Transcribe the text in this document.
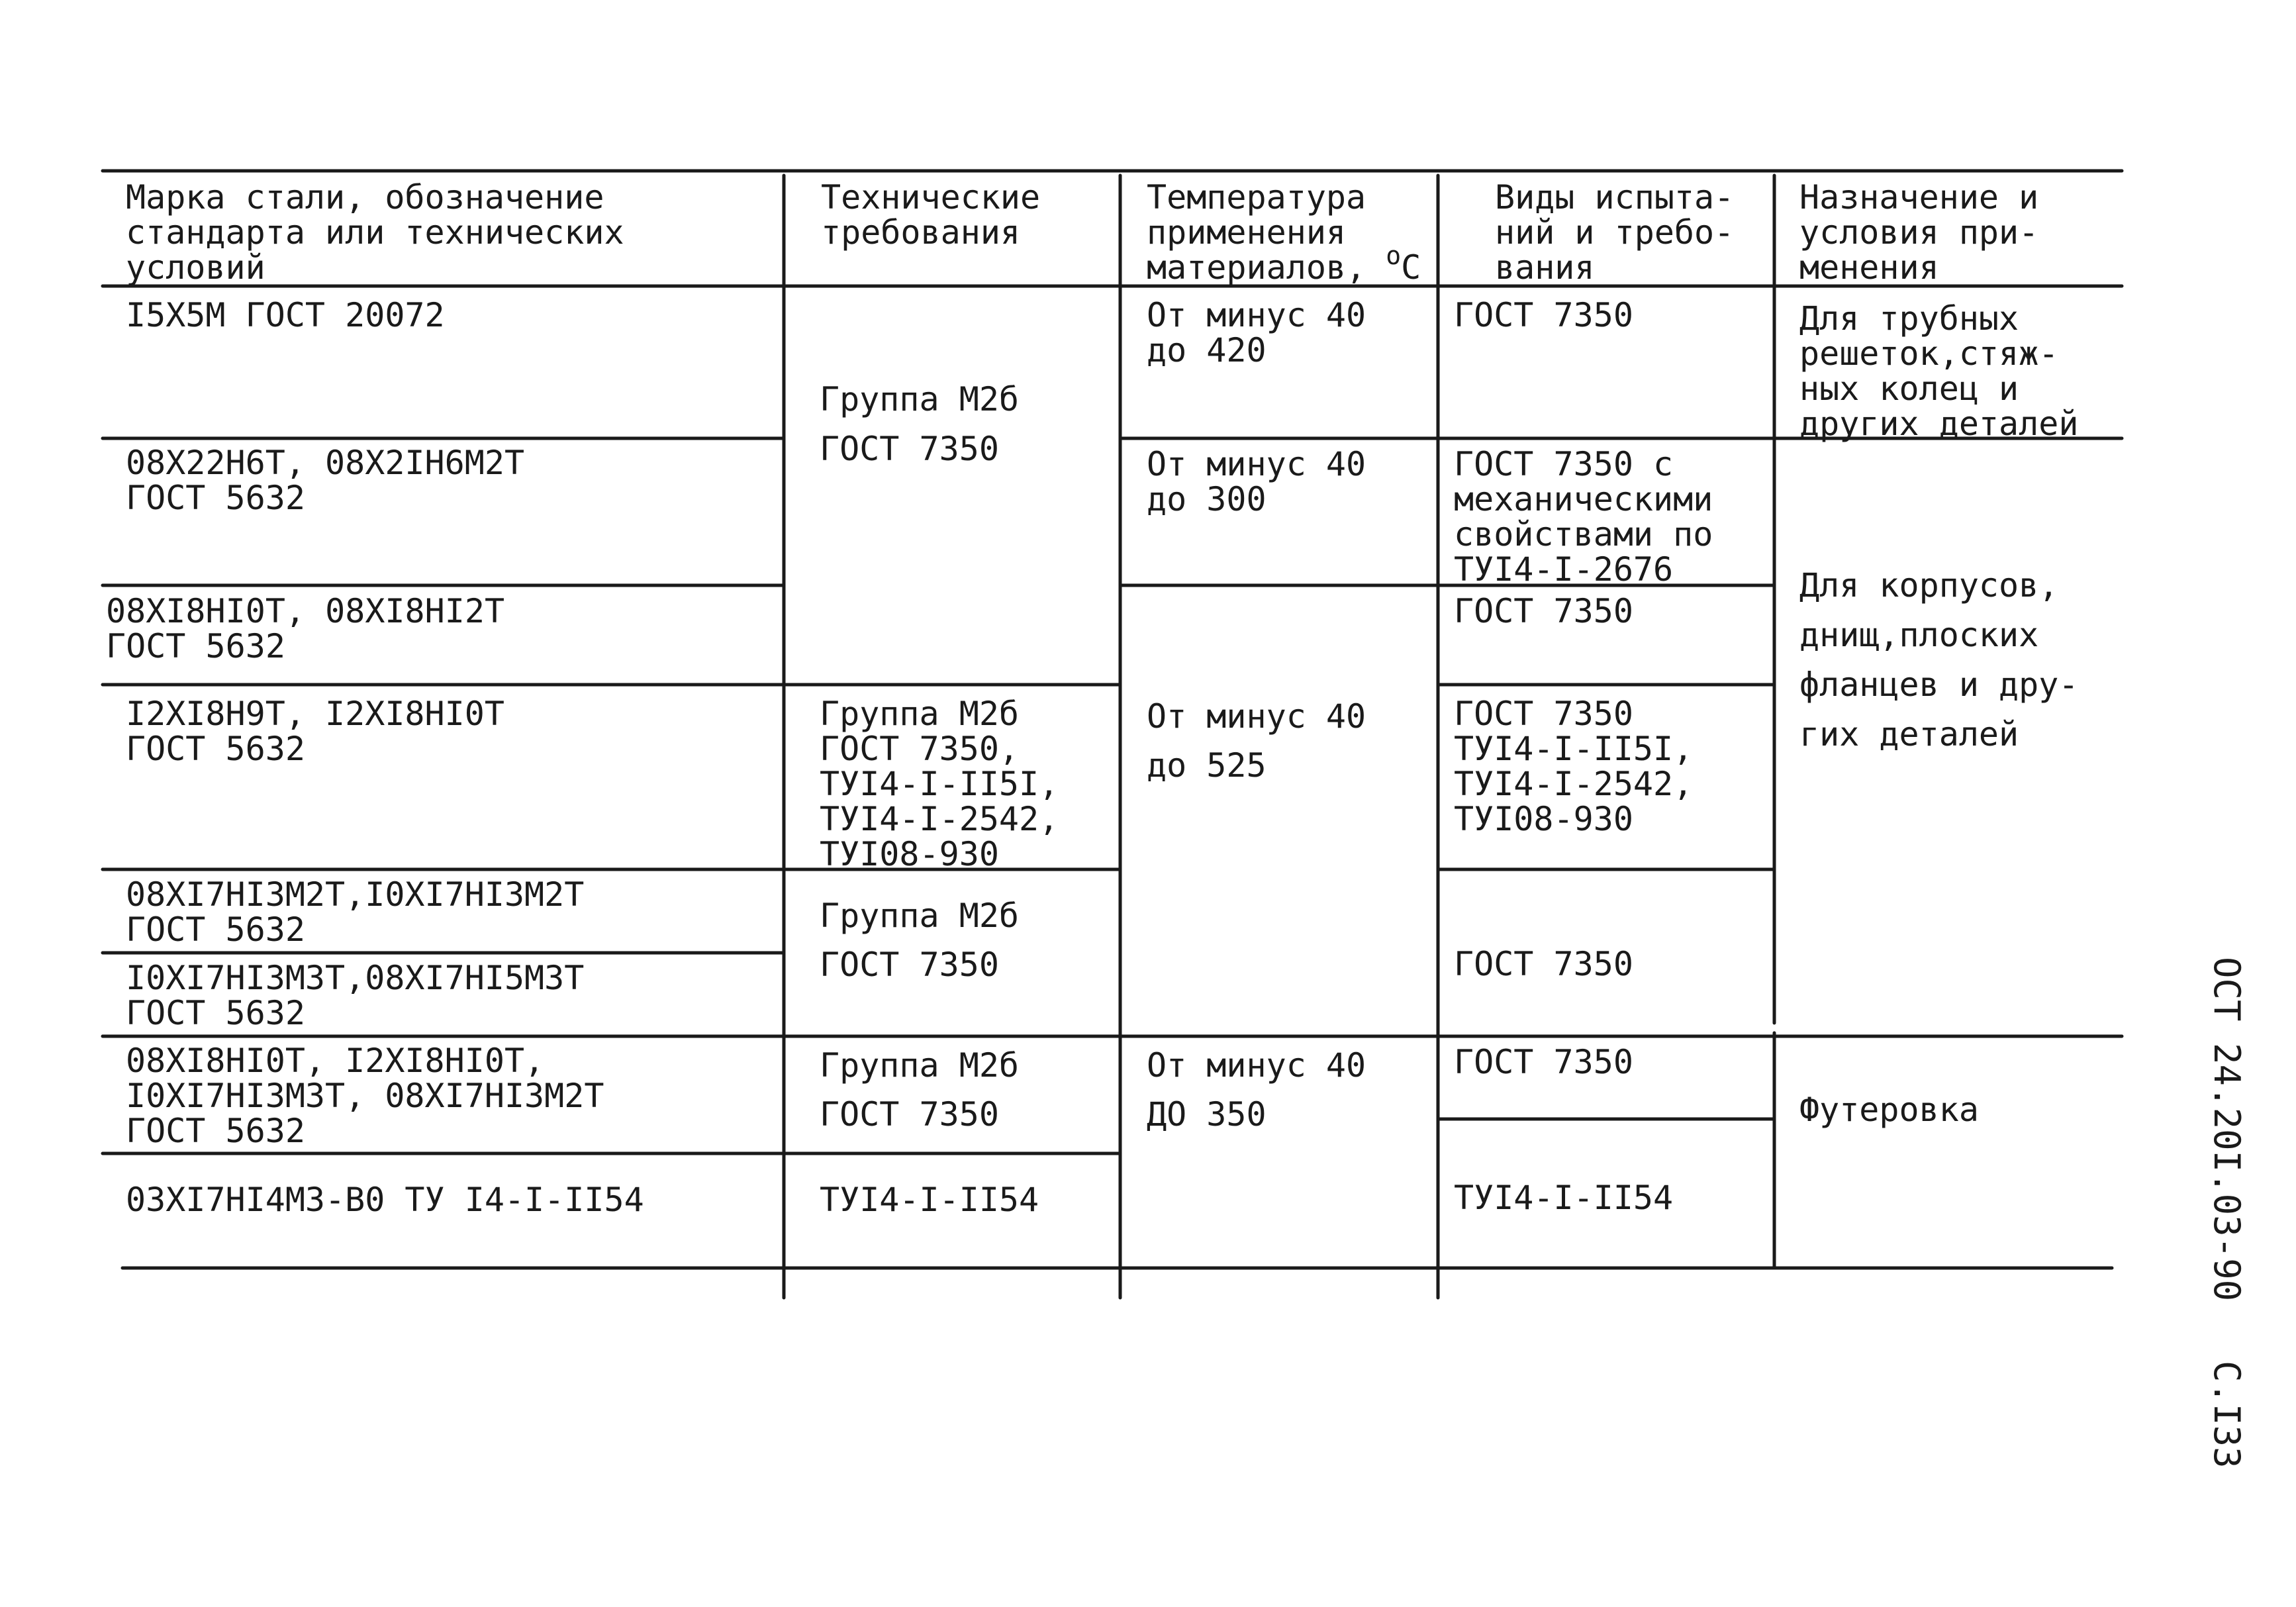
Марка стали, обозначение
стандарта или технических
условий

Технические
требования

Температура
применения
материалов, $^о$С

Виды испыта-
ний и требо-
вания

Назначение и
условия при-
менения

I5X5M ГОСТ 20072

08X22H6T, 08X2IH6M2T
ГОСТ 5632

08XI8HI0T, 08XI8HI2T
ГОСТ 5632

I2XI8H9T, I2XI8HI0T
ГОСТ 5632

08XI7HI3M2T,I0XI7HI3M2T
ГОСТ 5632

I0XI7HI3M3T,08XI7HI5M3T
ГОСТ 5632

08XI8HI0T, I2XI8HI0T,
I0XI7HI3M3T, 08XI7HI3M2T
ГОСТ 5632

03XI7HI4M3-B0 ТУ I4-I-II54

Группа М2б
ГОСТ 7350

Группа М2б
ГОСТ 7350,
ТУI4-I-II5I,
ТУI4-I-2542,
ТУI08-930

Группа М2б
ГОСТ 7350

Группа М2б
ГОСТ 7350

ТУI4-I-II54

От минус 40
до 420

От минус 40
до 300

От минус 40
до 525

От минус 40
ДО 350

ГОСТ 7350

ГОСТ 7350 с
механическими
свойствами по
ТУI4-I-2676

ГОСТ 7350

ГОСТ 7350
ТУI4-I-II5I,
ТУI4-I-2542,
ТУI08-930

ГОСТ 7350

ГОСТ 7350

ТУI4-I-II54

Для трубных
решеток,стяж-
ных колец и
других деталей

Для корпусов,
днищ,плоских
фланцев и дру-
гих деталей

Футеровка	ОСТ 24.20I.03-90
С.I33
